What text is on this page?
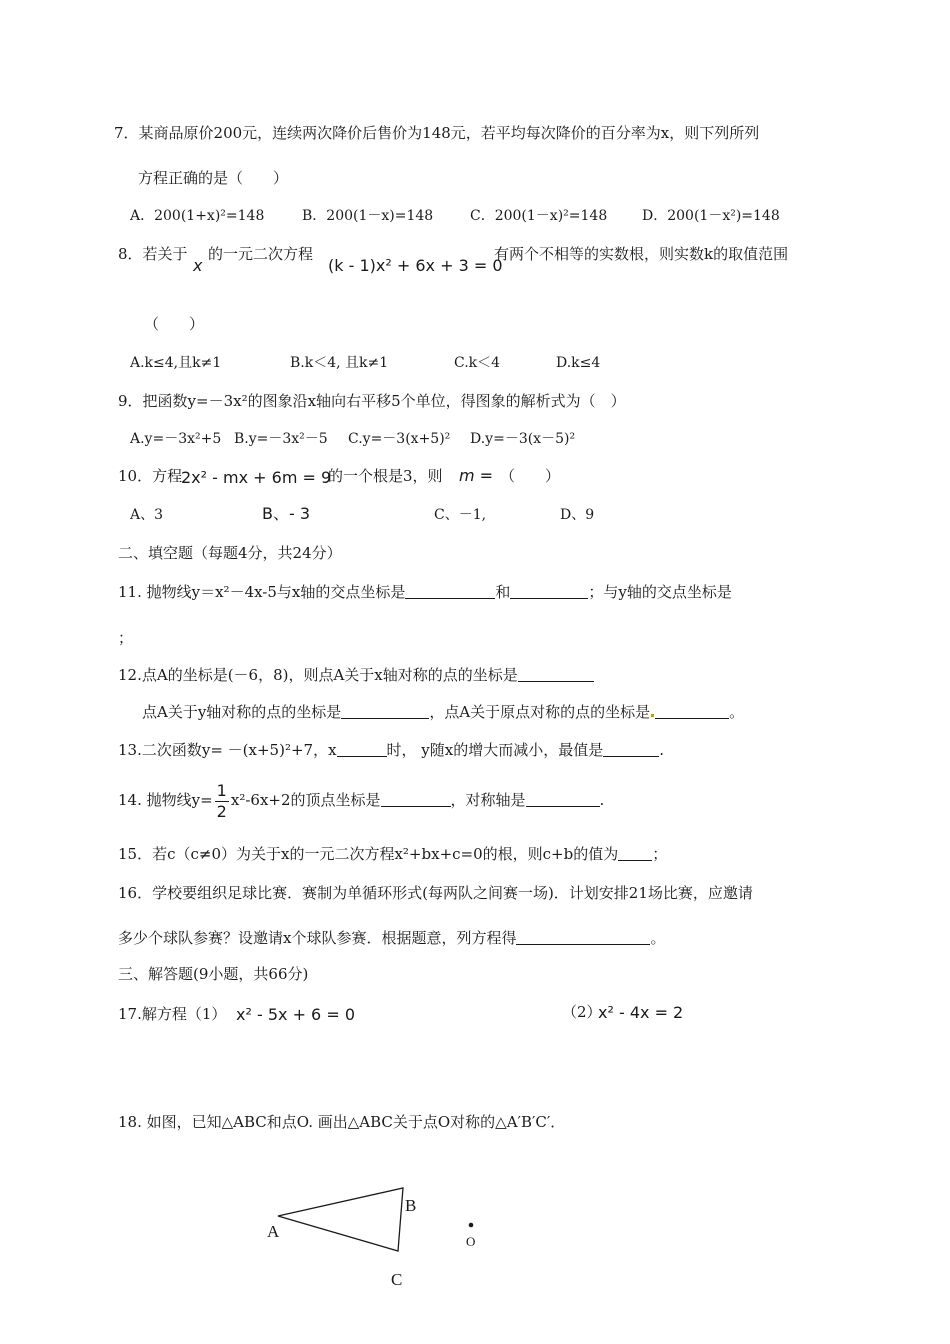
7．某商品原价200元，连续两次降价后售价为148元，若平均每次降价的百分率为x，则下列所列
方程正确的是（　　）
A．200(1+x)²=148	B．200(1－x)=148	C．200(1－x)²=148 D．200(1－x²)=148
8．若关于
x
的一元二次方程
(k - 1)x² + 6x + 3 = 0
有两个不相等的实数根，则实数k的取值范围
（　　）
A.k≤4,且k≠1	B.k＜4, 且k≠1	C.k＜4	D.k≤4
9．把函数y=－3x²的图象沿x轴向右平移5个单位，得图象的解析式为（　）
A.y=－3x²+5 B.y=－3x²－5 C.y=－3(x+5)² D.y=－3(x－5)²
10．方程
2x² - mx + 6m = 9
的一个根是3，则 m = （　　）
A、3	B、- 3	C、－1,	D、9
二、填空题（每题4分，共24分）
11. 抛物线y＝x²－4x-5与x轴的交点坐标是	和	；与y轴的交点坐标是
；
12.点A的坐标是(－6，8)，则点A关于x轴对称的点的坐标是
点A关于y轴对称的点的坐标是	，点A关于原点对称的点的坐标是	。
13.二次函数y= －(x+5)²+7，x	时， y随x的增大而减小，最值是	.
14. 抛物线$y= \frac{1}{2} x^2-6x+2$的顶点坐标是	，对称轴是	.
15．若c（c≠0）为关于x的一元二次方程x²+bx+c=0的根，则c+b的值为 ；
16．学校要组织足球比赛．赛制为单循环形式(每两队之间赛一场)．计划安排21场比赛，应邀请
多少个球队参赛？设邀请x个球队参赛．根据题意，列方程得	。
三、解答题(9小题，共66分)
17.解方程（1） x² - 5x + 6 = 0	（2）
x² - 4x = 2
18. 如图，已知△ABC和点O. 画出△ABC关于点O对称的△A′B′C′．
A
B
C
O
